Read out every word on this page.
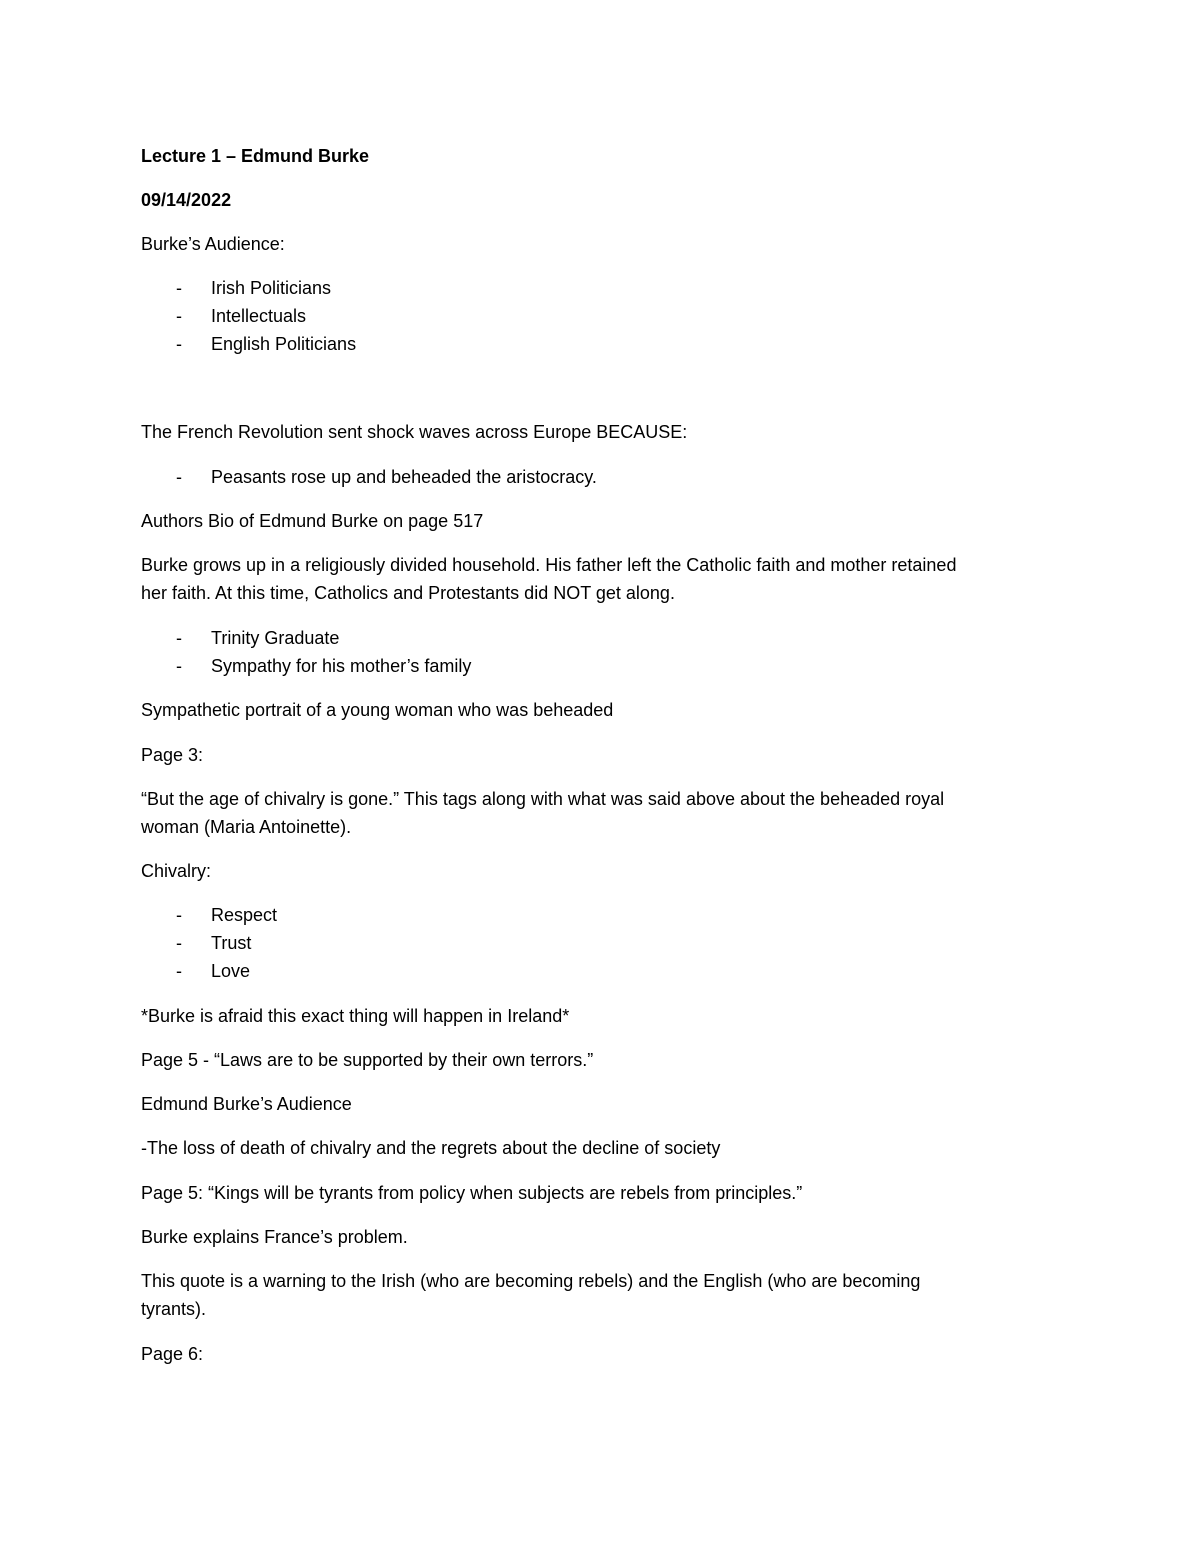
Lecture 1 – Edmund Burke
09/14/2022
Burke’s Audience:
- Irish Politicians
- Intellectuals
- English Politicians
The French Revolution sent shock waves across Europe BECAUSE:
- Peasants rose up and beheaded the aristocracy.
Authors Bio of Edmund Burke on page 517
Burke grows up in a religiously divided household. His father left the Catholic faith and mother retained
her faith. At this time, Catholics and Protestants did NOT get along.
- Trinity Graduate
- Sympathy for his mother’s family
Sympathetic portrait of a young woman who was beheaded
Page 3:
“But the age of chivalry is gone.” This tags along with what was said above about the beheaded royal
woman (Maria Antoinette).
Chivalry:
- Respect
- Trust
- Love
*Burke is afraid this exact thing will happen in Ireland*
Page 5 - “Laws are to be supported by their own terrors.”
Edmund Burke’s Audience
-The loss of death of chivalry and the regrets about the decline of society
Page 5: “Kings will be tyrants from policy when subjects are rebels from principles.”
Burke explains France’s problem.
This quote is a warning to the Irish (who are becoming rebels) and the English (who are becoming
tyrants).
Page 6:
